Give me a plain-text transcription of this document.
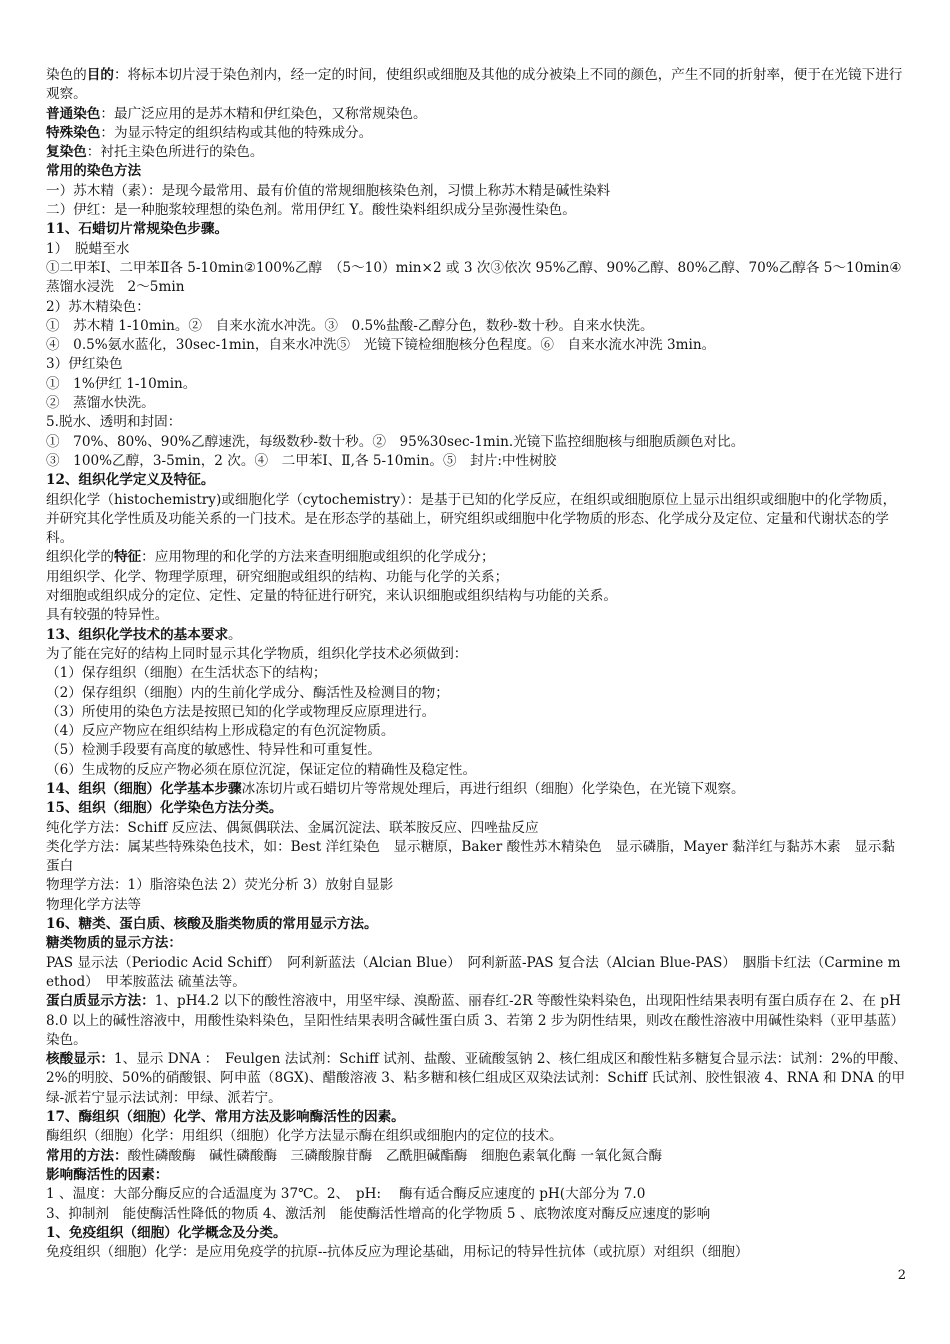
染色的目的：将标本切片浸于染色剂内，经一定的时间，使组织或细胞及其他的成分被染上不同的颜色，产生不同的折射率，便于在光镜下进行观察。
普通染色：最广泛应用的是苏木精和伊红染色，又称常规染色。
特殊染色：为显示特定的组织结构或其他的特殊成分。
复染色：衬托主染色所进行的染色。
常用的染色方法
一）苏木精（素）：是现今最常用、最有价值的常规细胞核染色剂，习惯上称苏木精是碱性染料
二）伊红：是一种胞浆较理想的染色剂。常用伊红 Y。酸性染料组织成分呈弥漫性染色。
11、石蜡切片常规染色步骤。
1）　脱蜡至水
①二甲苯Ⅰ、二甲苯Ⅱ各 5-10min②100%乙醇　（5～10）min×2 或 3 次③依次 95%乙醇、90%乙醇、80%乙醇、70%乙醇各 5～10min④蒸馏水浸洗　2～5min
2）苏木精染色：
①　苏木精 1-10min。②　自来水流水冲洗。③　0.5%盐酸-乙醇分色，数秒-数十秒。自来水快洗。
④　0.5%氨水蓝化，30sec-1min，自来水冲洗⑤　光镜下镜检细胞核分色程度。⑥　自来水流水冲洗 3min。
3）伊红染色
①　1%伊红 1-10min。
②　蒸馏水快洗。
5.脱水、透明和封固：
①　70%、80%、90%乙醇速洗，每级数秒-数十秒。②　95%30sec-1min.光镜下监控细胞核与细胞质颜色对比。
③　100%乙醇，3-5min，2 次。④　二甲苯Ⅰ、Ⅱ,各 5-10min。⑤　封片:中性树胶
12、组织化学定义及特征。
组织化学（histochemistry)或细胞化学（cytochemistry）：是基于已知的化学反应，在组织或细胞原位上显示出组织或细胞中的化学物质，并研究其化学性质及功能关系的一门技术。是在形态学的基础上，研究组织或细胞中化学物质的形态、化学成分及定位、定量和代谢状态的学科。
组织化学的特征：应用物理的和化学的方法来查明细胞或组织的化学成分；
用组织学、化学、物理学原理，研究细胞或组织的结构、功能与化学的关系；
对细胞或组织成分的定位、定性、定量的特征进行研究，来认识细胞或组织结构与功能的关系。
具有较强的特异性。
13、组织化学技术的基本要求。
为了能在完好的结构上同时显示其化学物质，组织化学技术必须做到：
（1）保存组织（细胞）在生活状态下的结构；
（2）保存组织（细胞）内的生前化学成分、酶活性及检测目的物；
（3）所使用的染色方法是按照已知的化学或物理反应原理进行。
（4）反应产物应在组织结构上形成稳定的有色沉淀物质。
（5）检测手段要有高度的敏感性、特异性和可重复性。
（6）生成物的反应产物必须在原位沉淀，保证定位的精确性及稳定性。
14、组织（细胞）化学基本步骤冰冻切片或石蜡切片等常规处理后，再进行组织（细胞）化学染色，在光镜下观察。
15、组织（细胞）化学染色方法分类。
纯化学方法：Schiff 反应法、偶氮偶联法、金属沉淀法、联苯胺反应、四唑盐反应
类化学方法：属某些特殊染色技术，如：Best 洋红染色　显示糖原，Baker 酸性苏木精染色　显示磷脂，Mayer 黏洋红与黏苏木素　显示黏蛋白
物理学方法：1）脂溶染色法 2）荧光分析 3）放射自显影
物理化学方法等
16、糖类、蛋白质、核酸及脂类物质的常用显示方法。
糖类物质的显示方法：
PAS 显示法（Periodic Acid Schiff）　阿利新蓝法（Alcian Blue）　阿利新蓝-PAS 复合法（Alcian Blue-PAS）　胭脂卡红法（Carmine method）　甲苯胺蓝法 硫堇法等。
蛋白质显示方法：1、pH4.2 以下的酸性溶液中，用坚牢绿、溴酚蓝、丽春红-2R 等酸性染料染色，出现阳性结果表明有蛋白质存在 2、在 pH8.0 以上的碱性溶液中，用酸性染料染色，呈阳性结果表明含碱性蛋白质 3、若第 2 步为阴性结果，则改在酸性溶液中用碱性染料（亚甲基蓝）染色。
核酸显示：1、显示 DNA ：　Feulgen 法试剂：Schiff 试剂、盐酸、亚硫酸氢钠 2、核仁组成区和酸性粘多糖复合显示法：试剂：2%的甲酸、2%的明胶、50%的硝酸银、阿申蓝（8GX)、醋酸溶液 3、粘多糖和核仁组成区双染法试剂：Schiff 氏试剂、胶性银液 4、RNA 和 DNA 的甲绿-派若宁显示法试剂：甲绿、派若宁。
17、酶组织（细胞）化学、常用方法及影响酶活性的因素。
酶组织（细胞）化学：用组织（细胞）化学方法显示酶在组织或细胞内的定位的技术。
常用的方法：酸性磷酸酶　碱性磷酸酶　三磷酸腺苷酶　乙酰胆碱酯酶　细胞色素氧化酶 一氧化氮合酶
影响酶活性的因素：
1 、温度：大部分酶反应的合适温度为 37℃。2、　pH:　 酶有适合酶反应速度的 pH(大部分为 7.0
3、抑制剂　能使酶活性降低的物质 4、激活剂　能使酶活性增高的化学物质 5 、底物浓度对酶反应速度的影响
1、免疫组织（细胞）化学概念及分类。
免疫组织（细胞）化学：是应用免疫学的抗原--抗体反应为理论基础，用标记的特异性抗体（或抗原）对组织（细胞）
2
